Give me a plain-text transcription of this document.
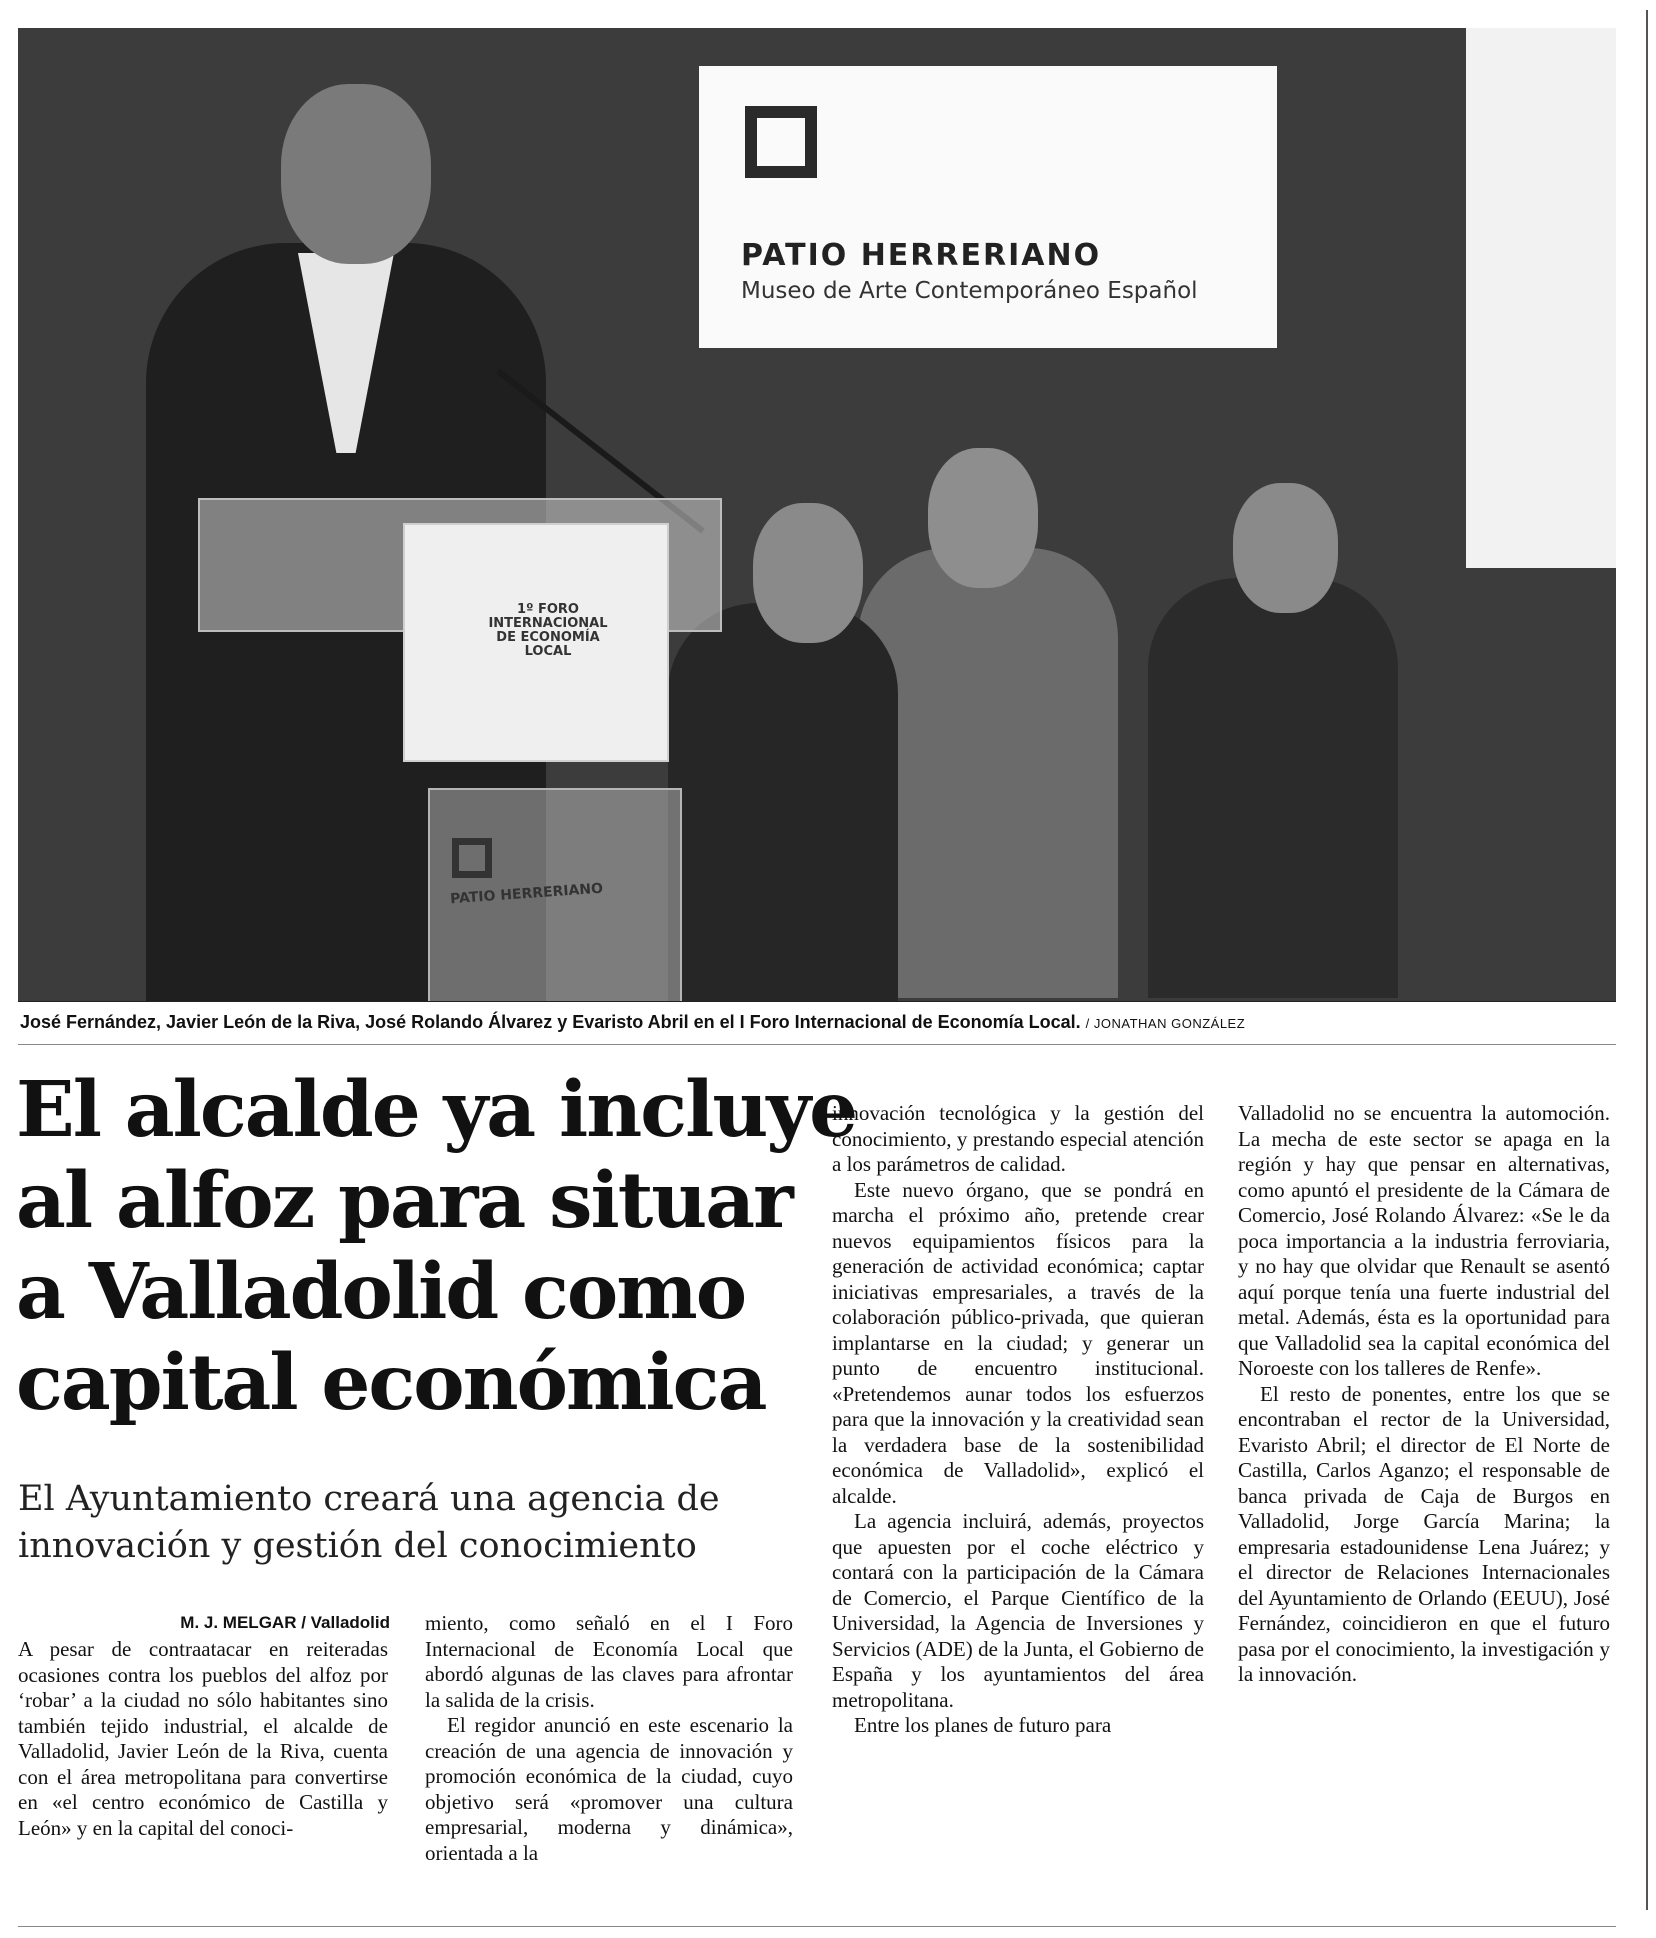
PATIO HERRERIANO
Museo de Arte Contemporáneo Español
1º FORO INTERNACIONAL DE ECONOMÍA LOCAL
PATIO HERRERIANO
José Fernández, Javier León de la Riva, José Rolando Álvarez y Evaristo Abril en el I Foro Internacional de Economía Local. / JONATHAN GONZÁLEZ
El alcalde ya incluye
al alfoz para situar
a Valladolid como
capital económica
El Ayuntamiento creará una agencia de
innovación y gestión del conocimiento
M. J. MELGAR / Valladolid

A pesar de contraatacar en reiteradas ocasiones contra los pueblos del alfoz por ‘robar’ a la ciudad no sólo habitantes sino también tejido industrial, el alcalde de Valladolid, Javier León de la Riva, cuenta con el área metropolitana para convertirse en «el centro económico de Castilla y León» y en la capital del conoci-

miento, como señaló en el I Foro Internacional de Economía Local que abordó algunas de las claves para afrontar la salida de la crisis.

El regidor anunció en este escenario la creación de una agencia de innovación y promoción económica de la ciudad, cuyo objetivo será «promover una cultura empresarial, moderna y dinámica», orientada a la

innovación tecnológica y la gestión del conocimiento, y prestando especial atención a los parámetros de calidad.

Este nuevo órgano, que se pondrá en marcha el próximo año, pretende crear nuevos equipamientos físicos para la generación de actividad económica; captar iniciativas empresariales, a través de la colaboración público-privada, que quieran implantarse en la ciudad; y generar un punto de encuentro institucional. «Pretendemos aunar todos los esfuerzos para que la innovación y la creatividad sean la verdadera base de la sostenibilidad económica de Valladolid», explicó el alcalde.

La agencia incluirá, además, proyectos que apuesten por el coche eléctrico y contará con la participación de la Cámara de Comercio, el Parque Científico de la Universidad, la Agencia de Inversiones y Servicios (ADE) de la Junta, el Gobierno de España y los ayuntamientos del área metropolitana.

Entre los planes de futuro para

Valladolid no se encuentra la automoción. La mecha de este sector se apaga en la región y hay que pensar en alternativas, como apuntó el presidente de la Cámara de Comercio, José Rolando Álvarez: «Se le da poca importancia a la industria ferroviaria, y no hay que olvidar que Renault se asentó aquí porque tenía una fuerte industrial del metal. Además, ésta es la oportunidad para que Valladolid sea la capital económica del Noroeste con los talleres de Renfe».

El resto de ponentes, entre los que se encontraban el rector de la Universidad, Evaristo Abril; el director de El Norte de Castilla, Carlos Aganzo; el responsable de banca privada de Caja de Burgos en Valladolid, Jorge García Marina; la empresaria estadounidense Lena Juárez; y el director de Relaciones Internacionales del Ayuntamiento de Orlando (EEUU), José Fernández, coincidieron en que el futuro pasa por el conocimiento, la investigación y la innovación.
